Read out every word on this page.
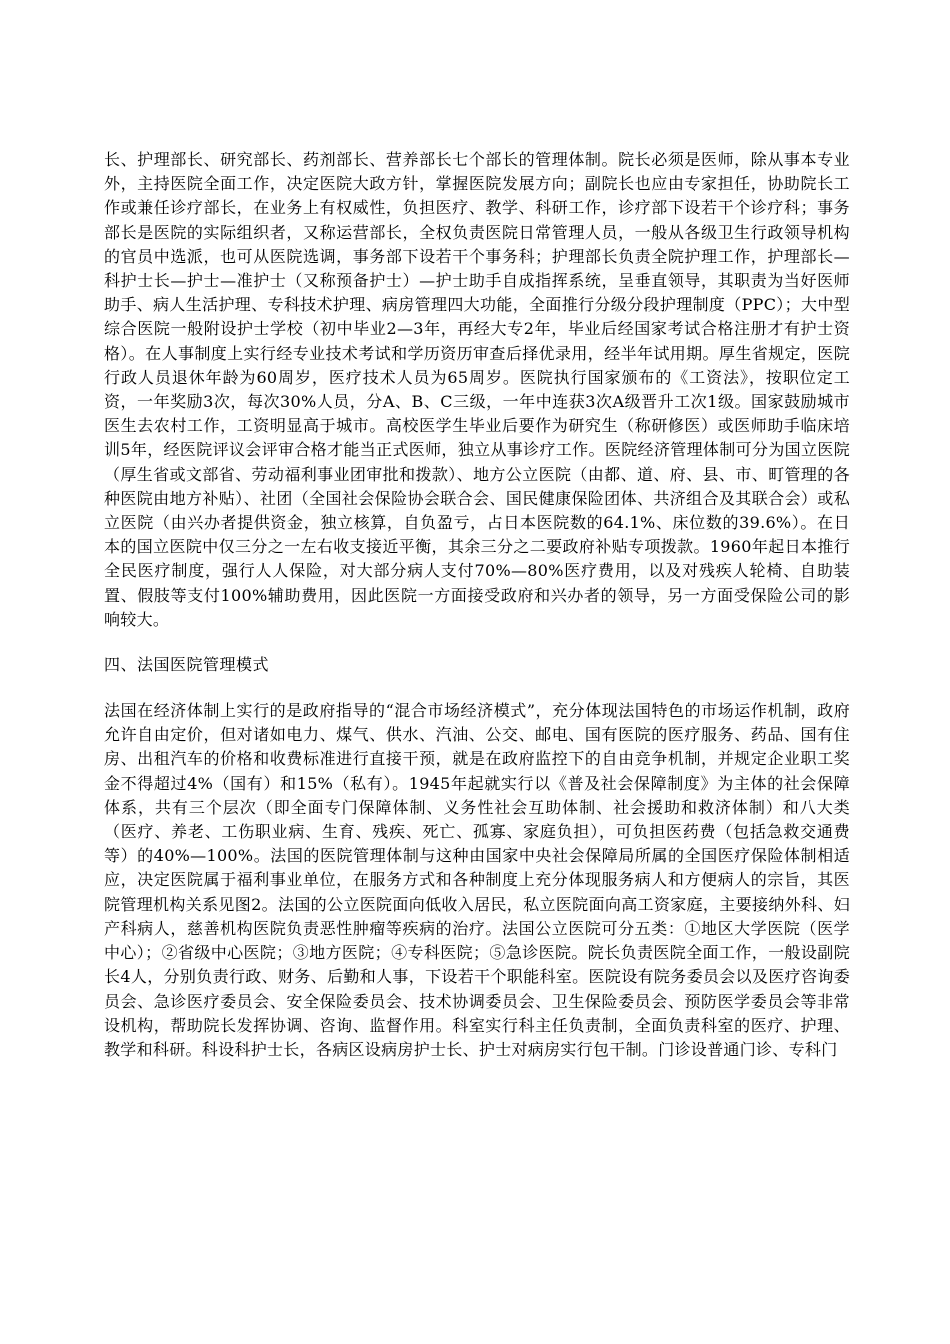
长、护理部长、研究部长、药剂部长、营养部长七个部长的管理体制。院长必须是医师，除从事本专业外，主持医院全面工作，决定医院大政方针，掌握医院发展方向；副院长也应由专家担任，协助院长工作或兼任诊疗部长，在业务上有权威性，负担医疗、教学、科研工作，诊疗部下设若干个诊疗科；事务部长是医院的实际组织者，又称运营部长，全权负责医院日常管理人员，一般从各级卫生行政领导机构的官员中选派，也可从医院选调，事务部下设若干个事务科；护理部长负责全院护理工作，护理部长—科护士长—护士—准护士（又称预备护士）—护士助手自成指挥系统，呈垂直领导，其职责为当好医师助手、病人生活护理、专科技术护理、病房管理四大功能，全面推行分级分段护理制度（PPC）；大中型综合医院一般附设护士学校（初中毕业2—3年，再经大专2年，毕业后经国家考试合格注册才有护士资格）。在人事制度上实行经专业技术考试和学历资历审查后择优录用，经半年试用期。厚生省规定，医院行政人员退休年龄为60周岁，医疗技术人员为65周岁。医院执行国家颁布的《工资法》，按职位定工资，一年奖励3次，每次30%人员，分A、B、C三级，一年中连获3次A级晋升工次1级。国家鼓励城市医生去农村工作，工资明显高于城市。高校医学生毕业后要作为研究生（称研修医）或医师助手临床培训5年，经医院评议会评审合格才能当正式医师，独立从事诊疗工作。医院经济管理体制可分为国立医院（厚生省或文部省、劳动福利事业团审批和拨款）、地方公立医院（由都、道、府、县、市、町管理的各种医院由地方补贴）、社团（全国社会保险协会联合会、国民健康保险团体、共济组合及其联合会）或私立医院（由兴办者提供资金，独立核算，自负盈亏，占日本医院数的64.1%、床位数的39.6%）。在日本的国立医院中仅三分之一左右收支接近平衡，其余三分之二要政府补贴专项拨款。1960年起日本推行全民医疗制度，强行人人保险，对大部分病人支付70%—80%医疗费用，以及对残疾人轮椅、自助装置、假肢等支付100%辅助费用，因此医院一方面接受政府和兴办者的领导，另一方面受保险公司的影响较大。

四、法国医院管理模式

法国在经济体制上实行的是政府指导的“混合市场经济模式”，充分体现法国特色的市场运作机制，政府允许自由定价，但对诸如电力、煤气、供水、汽油、公交、邮电、国有医院的医疗服务、药品、国有住房、出租汽车的价格和收费标准进行直接干预，就是在政府监控下的自由竞争机制，并规定企业职工奖金不得超过4%（国有）和15%（私有）。1945年起就实行以《普及社会保障制度》为主体的社会保障体系，共有三个层次（即全面专门保障体制、义务性社会互助体制、社会援助和救济体制）和八大类（医疗、养老、工伤职业病、生育、残疾、死亡、孤寡、家庭负担），可负担医药费（包括急救交通费等）的40%—100%。法国的医院管理体制与这种由国家中央社会保障局所属的全国医疗保险体制相适应，决定医院属于福利事业单位，在服务方式和各种制度上充分体现服务病人和方便病人的宗旨，其医院管理机构关系见图2。法国的公立医院面向低收入居民，私立医院面向高工资家庭，主要接纳外科、妇产科病人，慈善机构医院负责恶性肿瘤等疾病的治疗。法国公立医院可分五类：①地区大学医院（医学中心）；②省级中心医院；③地方医院；④专科医院；⑤急诊医院。院长负责医院全面工作，一般设副院长4人，分别负责行政、财务、后勤和人事，下设若干个职能科室。医院设有院务委员会以及医疗咨询委员会、急诊医疗委员会、安全保险委员会、技术协调委员会、卫生保险委员会、预防医学委员会等非常设机构，帮助院长发挥协调、咨询、监督作用。科室实行科主任负责制，全面负责科室的医疗、护理、教学和科研。科设科护士长，各病区设病房护士长、护士对病房实行包干制。门诊设普通门诊、专科门
